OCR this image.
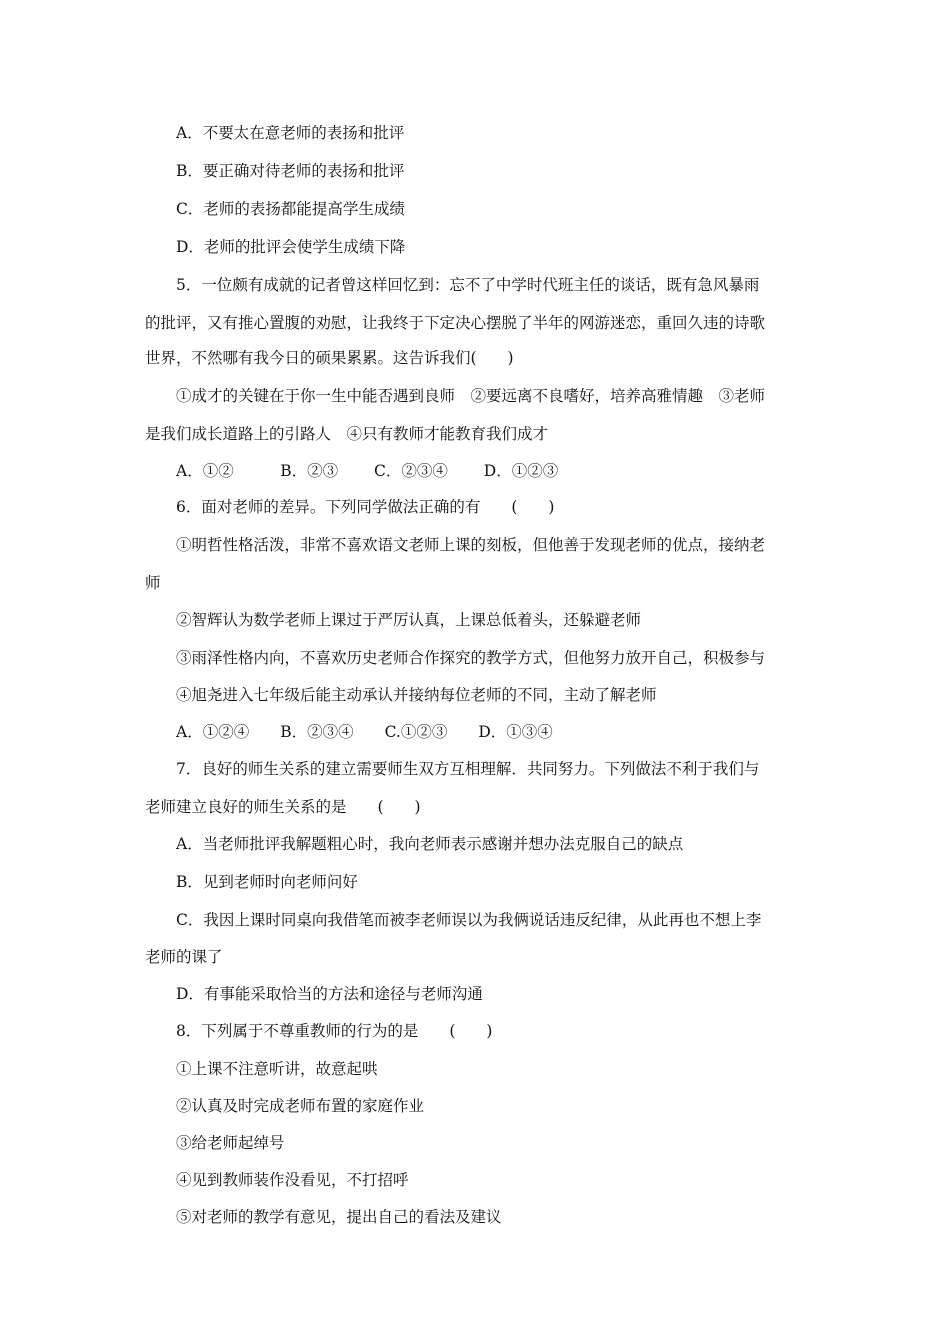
A．不要太在意老师的表扬和批评
B．要正确对待老师的表扬和批评
C．老师的表扬都能提高学生成绩
D．老师的批评会使学生成绩下降
5．一位颇有成就的记者曾这样回忆到：忘不了中学时代班主任的谈话，既有急风暴雨
的批评，又有推心置腹的劝慰，让我终于下定决心摆脱了半年的网游迷恋，重回久违的诗歌
世界，不然哪有我今日的硕果累累。这告诉我们(　　)
①成才的关键在于你一生中能否遇到良师　②要远离不良嗜好，培养高雅情趣　③老师
是我们成长道路上的引路人　④只有教师才能教育我们成才
A．①②　　　B．②③　　 C．②③④　　 D．①②③
6．面对老师的差异。下列同学做法正确的有　　(　　)
①明哲性格活泼，非常不喜欢语文老师上课的刻板，但他善于发现老师的优点，接纳老
师
②智辉认为数学老师上课过于严厉认真，上课总低着头，还躲避老师
③雨泽性格内向，不喜欢历史老师合作探究的教学方式，但他努力放开自己，积极参与
④旭尧进入七年级后能主动承认并接纳每位老师的不同，主动了解老师
A．①②④　　B．②③④　　C.①②③　　D．①③④
7．良好的师生关系的建立需要师生双方互相理解．共同努力。下列做法不利于我们与
老师建立良好的师生关系的是　　(　　)
A．当老师批评我解题粗心时，我向老师表示感谢并想办法克服自己的缺点
B．见到老师时向老师问好
C．我因上课时同桌向我借笔而被李老师误以为我俩说话违反纪律，从此再也不想上李
老师的课了
D．有事能采取恰当的方法和途径与老师沟通
8．下列属于不尊重教师的行为的是　　(　　)
①上课不注意听讲，故意起哄
②认真及时完成老师布置的家庭作业
③给老师起绰号
④见到教师装作没看见，不打招呼
⑤对老师的教学有意见，提出自己的看法及建议
